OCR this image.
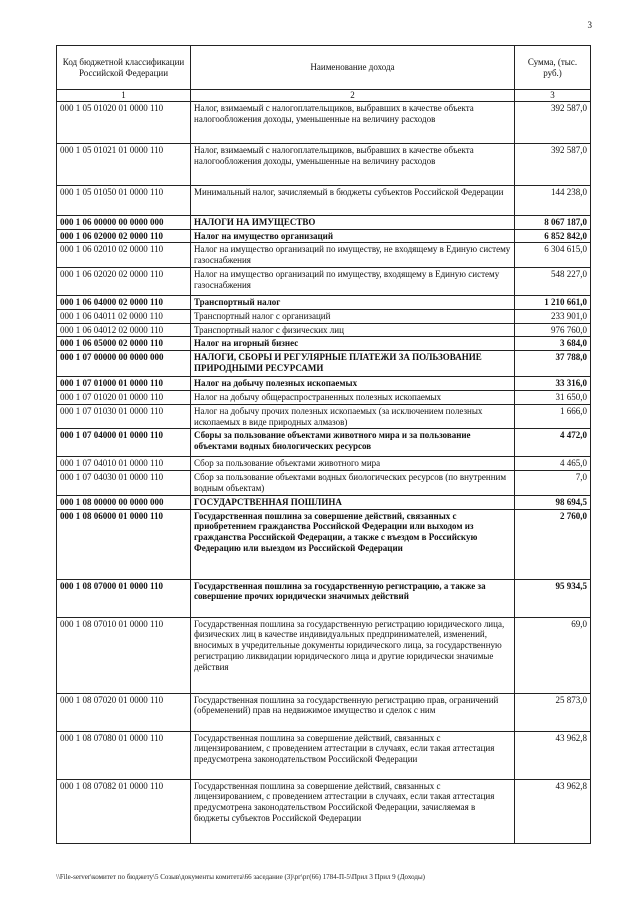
3
Код бюджетной классификации Российской Федерации	Наименование дохода	Сумма, (тыс. руб.)
1	2	3
000 1 05 01020 01 0000 110	Налог, взимаемый с налогоплательщиков, выбравших в качестве объекта налогообложения доходы, уменьшенные на величину расходов	392 587,0
000 1 05 01021 01 0000 110	Налог, взимаемый с налогоплательщиков, выбравших в качестве объекта налогообложения доходы, уменьшенные на величину расходов	392 587,0
000 1 05 01050 01 0000 110	Минимальный налог, зачисляемый в бюджеты субъектов Российской Федерации	144 238,0
000 1 06 00000 00 0000 000	НАЛОГИ НА ИМУЩЕСТВО	8 067 187,0
000 1 06 02000 02 0000 110	Налог на имущество организаций	6 852 842,0
000 1 06 02010 02 0000 110	Налог на имущество организаций по имуществу, не входящему в Единую систему газоснабжения	6 304 615,0
000 1 06 02020 02 0000 110	Налог на имущество организаций по имуществу, входящему в Единую систему газоснабжения	548 227,0
000 1 06 04000 02 0000 110	Транспортный налог	1 210 661,0
000 1 06 04011 02 0000 110	Транспортный налог с организаций	233 901,0
000 1 06 04012 02 0000 110	Транспортный налог с физических лиц	976 760,0
000 1 06 05000 02 0000 110	Налог на игорный бизнес	3 684,0
000 1 07 00000 00 0000 000	НАЛОГИ, СБОРЫ И РЕГУЛЯРНЫЕ ПЛАТЕЖИ ЗА ПОЛЬЗОВАНИЕ ПРИРОДНЫМИ РЕСУРСАМИ	37 788,0
000 1 07 01000 01 0000 110	Налог на добычу полезных ископаемых	33 316,0
000 1 07 01020 01 0000 110	Налог на добычу общераспространенных полезных ископаемых	31 650,0
000 1 07 01030 01 0000 110	Налог на добычу прочих полезных ископаемых (за исключением полезных ископаемых в виде природных алмазов)	1 666,0
000 1 07 04000 01 0000 110	Сборы за пользование объектами животного мира и за пользование объектами водных биологических ресурсов	4 472,0
000 1 07 04010 01 0000 110	Сбор за пользование объектами животного мира	4 465,0
000 1 07 04030 01 0000 110	Сбор за пользование объектами водных биологических ресурсов (по внутренним водным объектам)	7,0
000 1 08 00000 00 0000 000	ГОСУДАРСТВЕННАЯ ПОШЛИНА	98 694,5
000 1 08 06000 01 0000 110	Государственная пошлина за совершение действий, связанных с приобретением гражданства Российской Федерации или выходом из гражданства Российской Федерации, а также с въездом в Российскую Федерацию или выездом из Российской Федерации	2 760,0
000 1 08 07000 01 0000 110	Государственная пошлина за государственную регистрацию, а также за совершение прочих юридически значимых действий	95 934,5
000 1 08 07010 01 0000 110	Государственная пошлина за государственную регистрацию юридического лица, физических лиц в качестве индивидуальных предпринимателей, изменений, вносимых в учредительные документы юридического лица, за государственную регистрацию ликвидации юридического лица и другие юридически значимые действия	69,0
000 1 08 07020 01 0000 110	Государственная пошлина за государственную регистрацию прав, ограничений (обременений) прав на недвижимое имущество и сделок с ним	25 873,0
000 1 08 07080 01 0000 110	Государственная пошлина за совершение действий, связанных с лицензированием, с проведением аттестации в случаях, если такая аттестация предусмотрена законодательством Российской Федерации	43 962,8
000 1 08 07082 01 0000 110	Государственная пошлина за совершение действий, связанных с лицензированием, с проведением аттестации в случаях, если такая аттестация предусмотрена законодательством Российской Федерации, зачисляемая в бюджеты субъектов Российской Федерации	43 962,8
\\File-server\комитет по бюджету\5 Созыв\документы комитета\66 заседание (3)\рг\рг(66) 1784-П-5\Прил 3 Прил 9 (Доходы)
